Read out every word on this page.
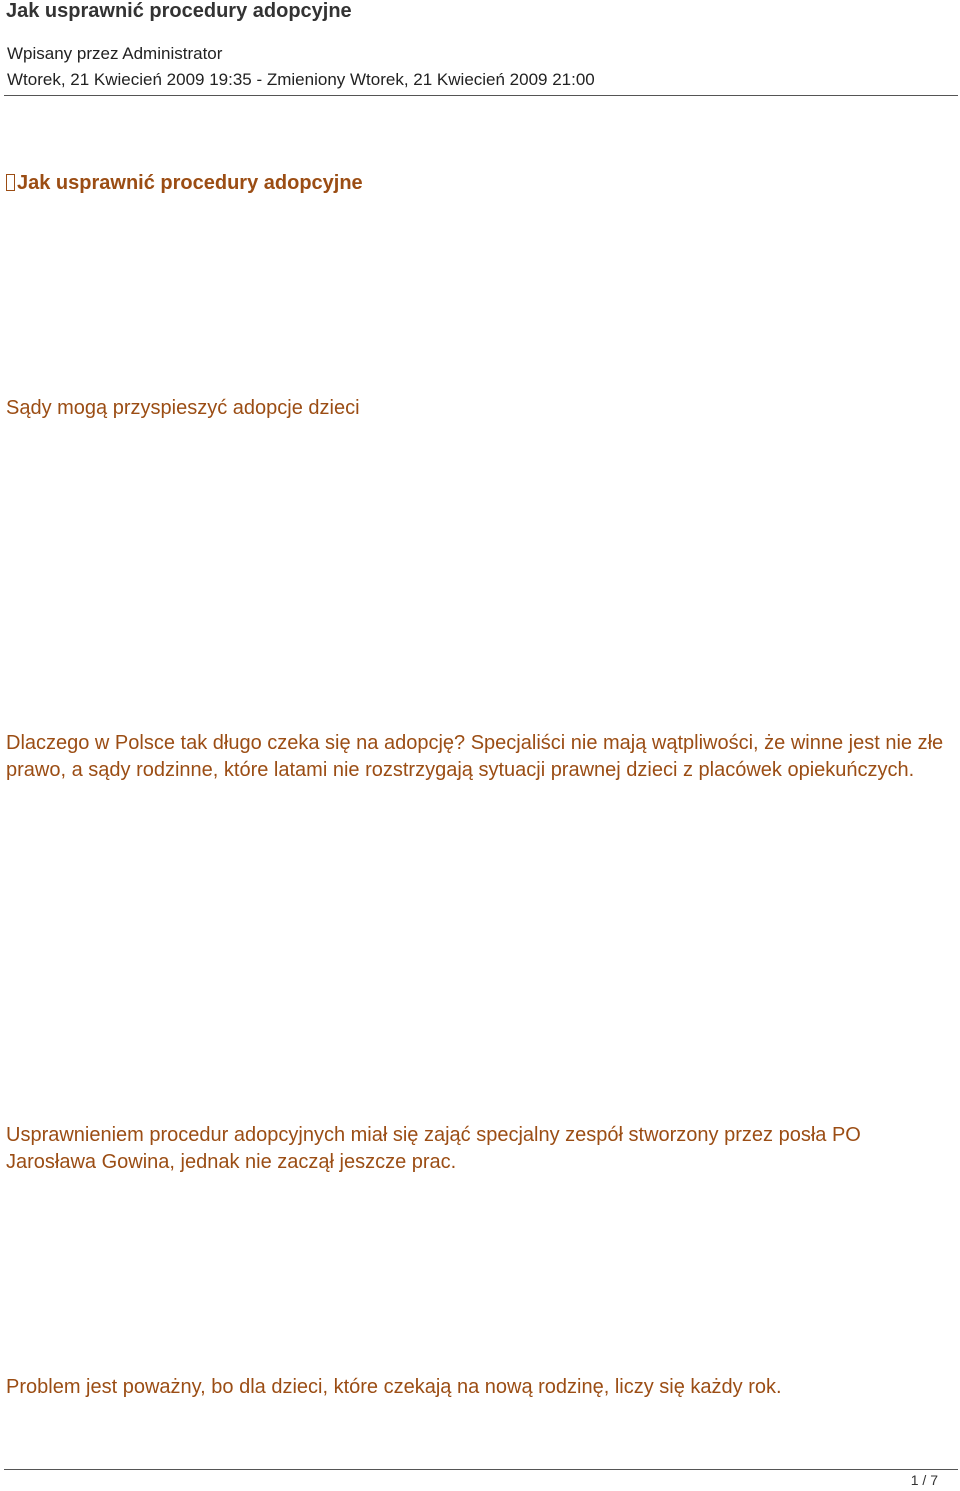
Jak usprawnić procedury adopcyjne
Wpisany przez Administrator
Wtorek, 21 Kwiecień 2009 19:35 - Zmieniony Wtorek, 21 Kwiecień 2009 21:00
Jak usprawnić procedury adopcyjne

Sądy mogą przyspieszyć adopcje dzieci

Dlaczego w Polsce tak długo czeka się na adopcję? Specjaliści nie mają wątpliwości, że winne jest nie złe prawo, a sądy rodzinne, które latami nie rozstrzygają sytuacji prawnej dzieci z placówek opiekuńczych.

Usprawnieniem procedur adopcyjnych miał się zająć specjalny zespół stworzony przez posła PO Jarosława Gowina, jednak nie zaczął jeszcze prac.

Problem jest poważny, bo dla dzieci, które czekają na nową rodzinę, liczy się każdy rok.

1 / 7
